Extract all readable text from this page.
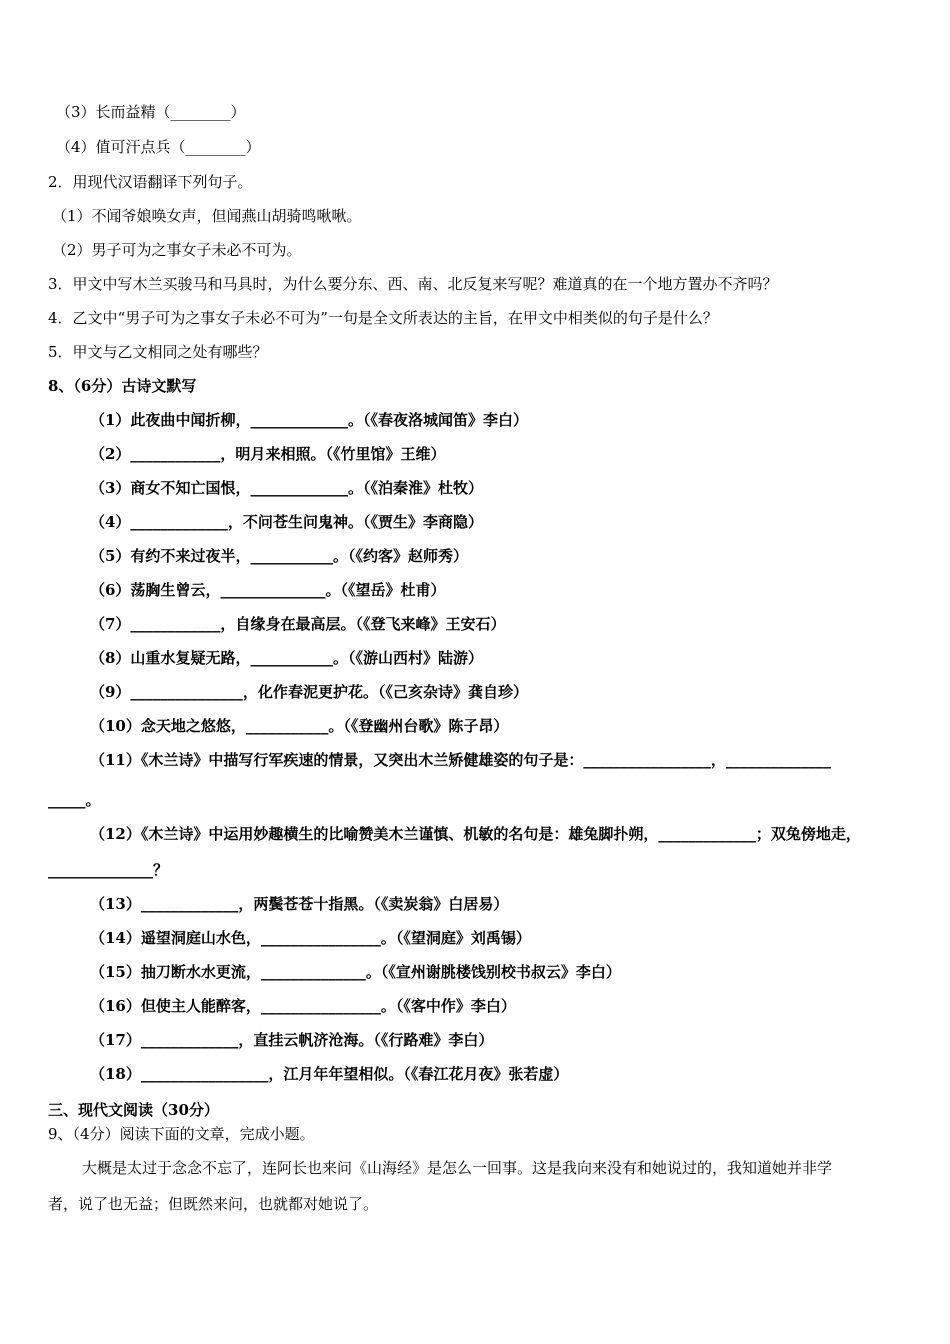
（3）长而益精（________）
（4）值可汗点兵（________）
2．用现代汉语翻译下列句子。
（1）不闻爷娘唤女声，但闻燕山胡骑鸣啾啾。
（2）男子可为之事女子未必不可为。
3．甲文中写木兰买骏马和马具时，为什么要分东、西、南、北反复来写呢？难道真的在一个地方置办不齐吗？
4．乙文中“男子可为之事女子未必不可为”一句是全文所表达的主旨，在甲文中相类似的句子是什么？
5．甲文与乙文相同之处有哪些？
8、（6分）古诗文默写
（1）此夜曲中闻折柳，_____________。（《春夜洛城闻笛》李白）
（2）____________，明月来相照。（《竹里馆》王维）
（3）商女不知亡国恨，_____________。（《泊秦淮》杜牧）
（4）_____________，不问苍生问鬼神。（《贾生》李商隐）
（5）有约不来过夜半，___________。（《约客》赵师秀）
（6）荡胸生曾云，______________。（《望岳》杜甫）
（7）____________，自缘身在最高层。（《登飞来峰》王安石）
（8）山重水复疑无路，___________。（《游山西村》陆游）
（9）_______________，化作春泥更护花。（《己亥杂诗》龚自珍）
（10）念天地之悠悠，___________。（《登幽州台歌》陈子昂）
（11）《木兰诗》中描写行军疾速的情景，又突出木兰矫健雄姿的句子是：_________________，______________
_____。
（12）《木兰诗》中运用妙趣横生的比喻赞美木兰谨慎、机敏的名句是：雄兔脚扑朔，_____________；双兔傍地走，
______________？
（13）_____________，两鬓苍苍十指黑。（《卖炭翁》白居易）
（14）遥望洞庭山水色，________________。（《望洞庭》刘禹锡）
（15）抽刀断水水更流，______________。（《宣州谢朓楼饯别校书叔云》李白）
（16）但使主人能醉客，________________。（《客中作》李白）
（17）_____________，直挂云帆济沧海。（《行路难》李白）
（18）_________________，江月年年望相似。（《春江花月夜》张若虚）
三、现代文阅读（30分）
9、（4分）阅读下面的文章，完成小题。
大概是太过于念念不忘了，连阿长也来问《山海经》是怎么一回事。这是我向来没有和她说过的，我知道她并非学
者，说了也无益；但既然来问，也就都对她说了。
